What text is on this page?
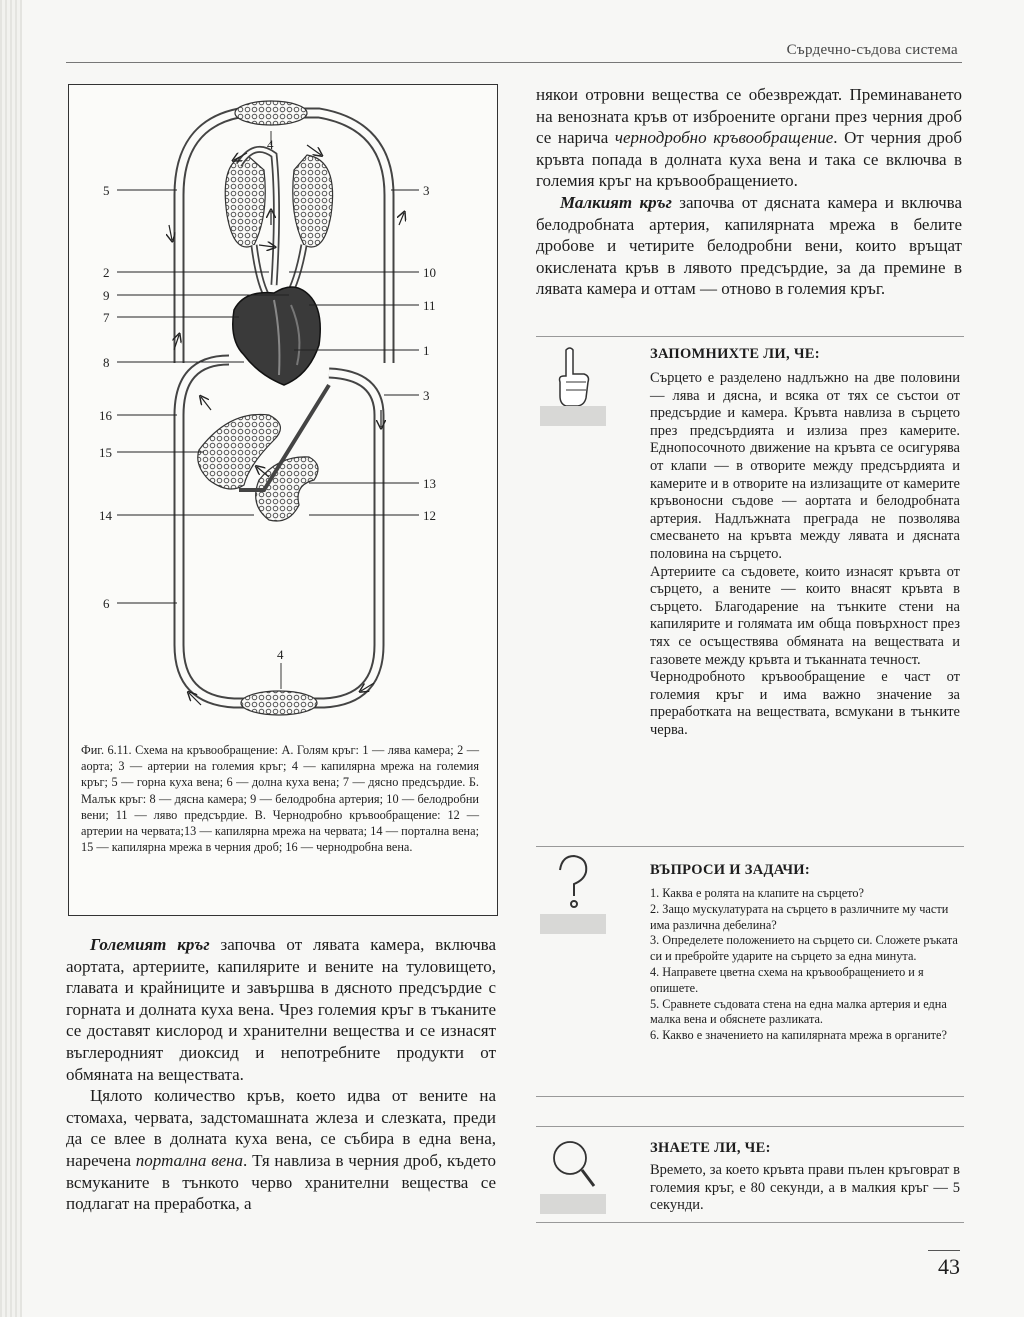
Сърдечно-съдова система
5	3
4
2	10
9
11
7
1
8
3
16
15
13
14	12
6
4
Фиг. 6.11. Схема на кръвообращение: А. Голям кръг: 1 — лява камера; 2 — аорта; 3 — артерии на големия кръг; 4 — капилярна мрежа на големия кръг; 5 — горна куха вена; 6 — долна куха вена; 7 — дясно предсърдие. Б. Малък кръг: 8 — дясна камера; 9 — белодробна артерия; 10 — белодробни вени; 11 — ляво предсърдие. В. Чернодробно кръвообращение: 12 — артерии на червата;13 — капилярна мрежа на червата; 14 — портална вена; 15 — капилярна мрежа в черния дроб; 16 — чернодробна вена.

Големият кръг започва от лявата камера, включва аортата, артериите, капилярите и вените на туловището, главата и крайниците и завършва в дясното предсърдие с горната и долната куха вена. Чрез големия кръг в тъканите се доставят кислород и хранителни вещества и се изнасят въглеродният диоксид и непотребните продукти от обмяната на веществата.

Цялото количество кръв, което идва от вените на стомаха, червата, задстомашната жлеза и слезката, преди да се влее в долната куха вена, се събира в една вена, наречена портална вена. Тя навлиза в черния дроб, където всмуканите в тънкото черво хранителни вещества се подлагат на преработка, а

някои отровни вещества се обезвреждат. Преминаването на венозната кръв от изброените органи през черния дроб се нарича чернодробно кръвообращение. От черния дроб кръвта попада в долната куха вена и така се включва в големия кръг на кръвообращението.

Малкият кръг започва от дясната камера и включва белодробната артерия, капилярната мрежа в белите дробове и четирите белодробни вени, които връщат окислената кръв в лявото предсърдие, за да премине в лявата камера и оттам — отново в големия кръг.

ЗАПОМНИХТЕ ЛИ, ЧЕ:

Сърцето е разделено надлъжно на две половини — лява и дясна, и всяка от тях се състои от предсърдие и камера. Кръвта навлиза в сърцето през предсърдията и излиза през камерите. Еднопосочното движение на кръвта се осигурява от клапи — в отворите между предсърдията и камерите и в отворите на излизащите от камерите кръвоносни съдове — аортата и белодробната артерия. Надлъжната преграда не позволява смесването на кръвта между лявата и дясната половина на сърцето.

Артериите са съдовете, които изнасят кръвта от сърцето, а вените — които внасят кръвта в сърцето. Благодарение на тънките стени на капилярите и голямата им обща повърхност през тях се осъществява обмяната на веществата и газовете между кръвта и тъканната течност.

Чернодробното кръвообращение е част от големия кръг и има важно значение за преработката на веществата, всмукани в тънките черва.

ВЪПРОСИ И ЗАДАЧИ:
1. Каква е ролята на клапите на сърцето?
2. Защо мускулатурата на сърцето в различните му части има различна дебелина?
3. Определете положението на сърцето си. Сложете ръката си и пребройте ударите на сърцето за една минута.
4. Направете цветна схема на кръвообращението и я опишете.
5. Сравнете съдовата стена на една малка артерия и една малка вена и обяснете разликата.
6. Какво е значението на капилярната мрежа в органите?
ЗНАЕТЕ ЛИ, ЧЕ:
Времето, за което кръвта прави пълен кръговрат в големия кръг, е 80 секунди, а в малкия кръг — 5 секунди.
43
